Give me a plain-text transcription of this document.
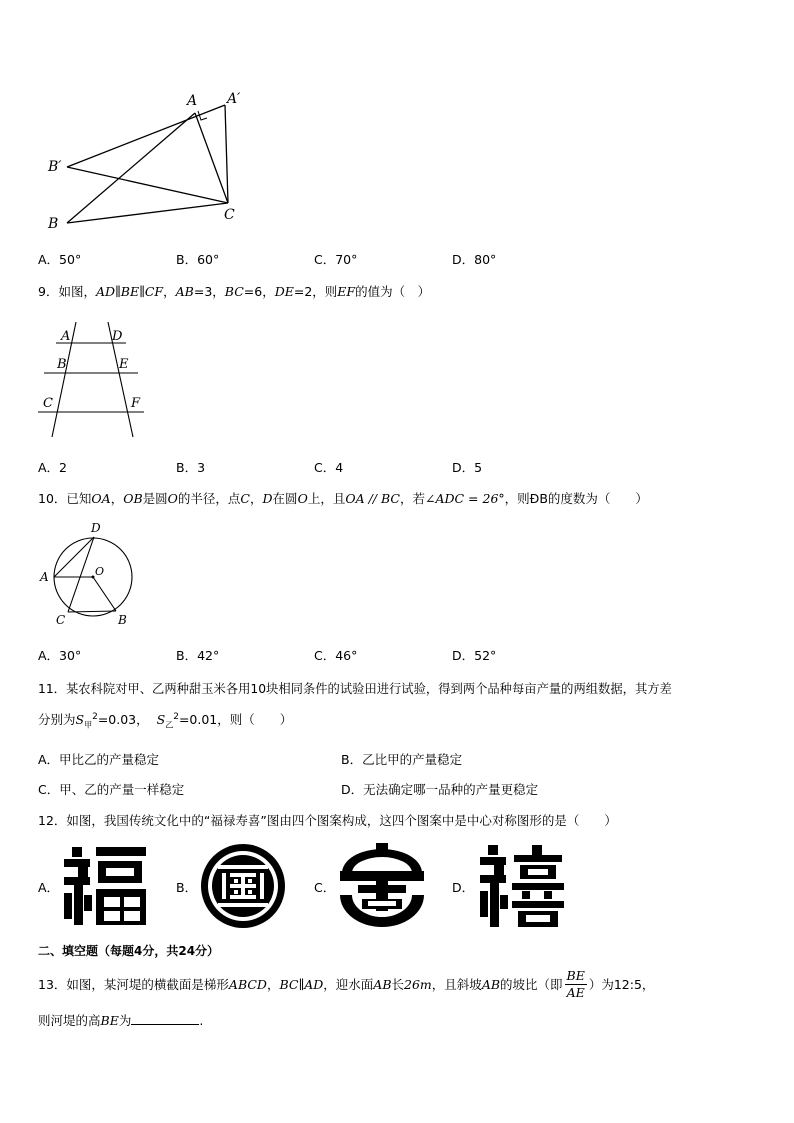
A A′
B′
B
C
A．50°	B．60°	C．70°	D．80°
9．如图，AD∥BE∥CF，AB=3，BC=6，DE=2，则EF的值为（　）
A	D
B	E
C	F
A．2	B．3	C．4	D．5
10．已知OA，OB是圆O的半径，点C，D在圆O上，且OA // BC，若∠ADC = 26°，则ÐB的度数为（　　）
D
A	O
C	B
A．30°	B．42°	C．46°	D．52°
11．某农科院对甲、乙两种甜玉米各用10块相同条件的试验田进行试验，得到两个品种每亩产量的两组数据，其方差
分别为$S_甲^2=0.03$， $S_乙^2=0.01$，则（　　）
A．甲比乙的产量稳定	B．乙比甲的产量稳定
C．甲、乙的产量一样稳定	D．无法确定哪一品种的产量更稳定
12．如图，我国传统文化中的“福禄寿喜”图由四个图案构成，这四个图案中是中心对称图形的是（　　）
A．	B．	C．	D．
二、填空题（每题4分，共24分）
13．如图，某河堤的横截面是梯形 ABCD ， BC∥AD ，迎水面 AB 长 26m ，且斜坡 AB 的坡比（即 $\frac{BE}{AE}$ ）为12:5，
则河堤的高BE为	.
